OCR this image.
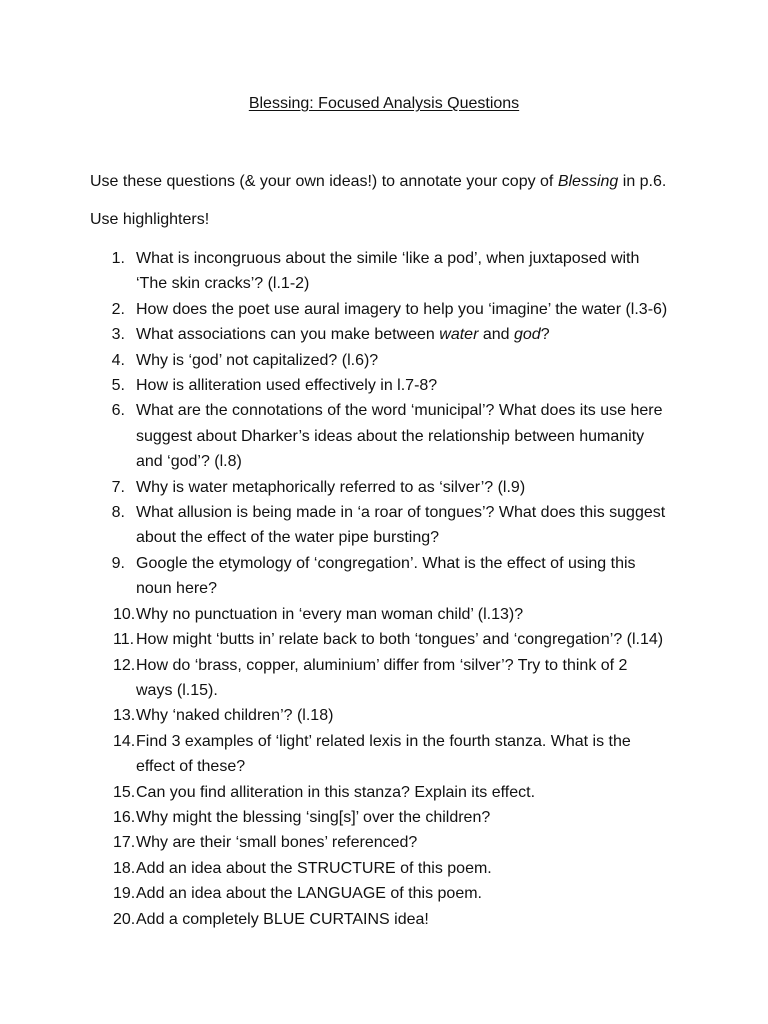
Blessing: Focused Analysis Questions
Use these questions (& your own ideas!) to annotate your copy of Blessing in p.6.
Use highlighters!
1. What is incongruous about the simile ‘like a pod’, when juxtaposed with
‘The skin cracks’? (l.1-2)
2. How does the poet use aural imagery to help you ‘imagine’ the water (l.3-6)
3. What associations can you make between water and god?
4. Why is ‘god’ not capitalized? (l.6)?
5. How is alliteration used effectively in l.7-8?
6. What are the connotations of the word ‘municipal’? What does its use here
suggest about Dharker’s ideas about the relationship between humanity
and ‘god’? (l.8)
7. Why is water metaphorically referred to as ‘silver’? (l.9)
8. What allusion is being made in ‘a roar of tongues’? What does this suggest
about the effect of the water pipe bursting?
9. Google the etymology of ‘congregation’. What is the effect of using this
noun here?
10. Why no punctuation in ‘every man woman child’ (l.13)?
11. How might ‘butts in’ relate back to both ‘tongues’ and ‘congregation’? (l.14)
12. How do ‘brass, copper, aluminium’ differ from ‘silver’? Try to think of 2
ways (l.15).
13. Why ‘naked children’? (l.18)
14. Find 3 examples of ‘light’ related lexis in the fourth stanza. What is the
effect of these?
15. Can you find alliteration in this stanza? Explain its effect.
16. Why might the blessing ‘sing[s]’ over the children?
17. Why are their ‘small bones’ referenced?
18. Add an idea about the STRUCTURE of this poem.
19. Add an idea about the LANGUAGE of this poem.
20. Add a completely BLUE CURTAINS idea!
